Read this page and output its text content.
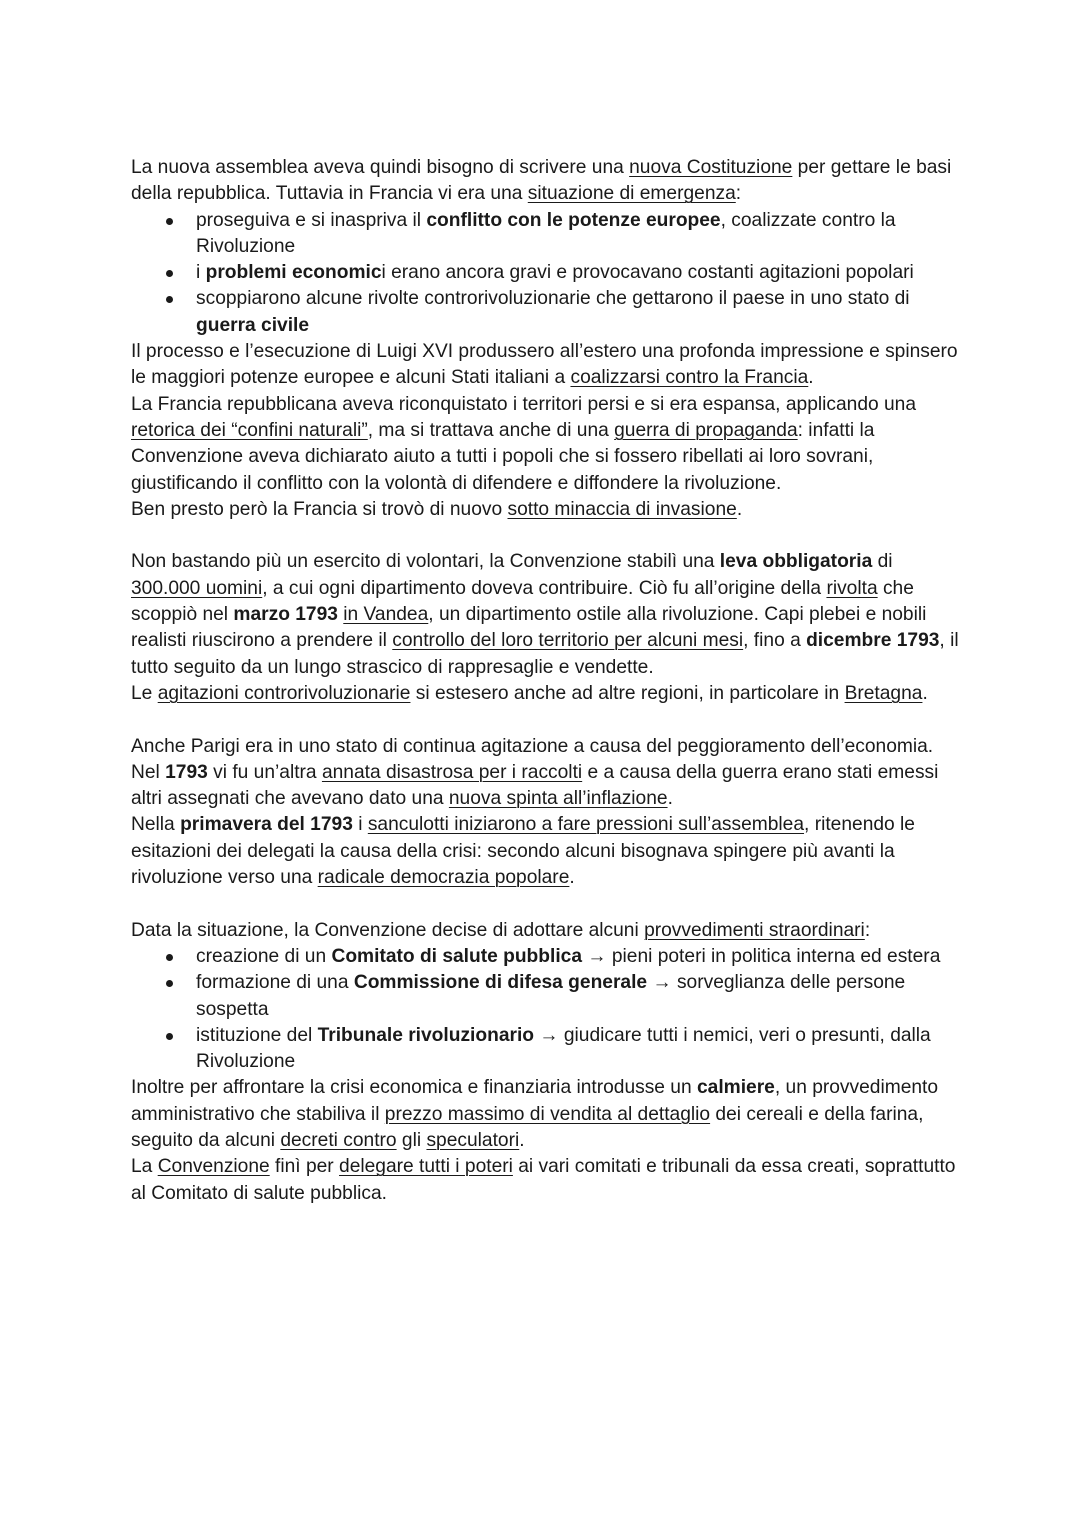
La nuova assemblea aveva quindi bisogno di scrivere una nuova Costituzione per gettare le basi della repubblica. Tuttavia in Francia vi era una situazione di emergenza:

proseguiva e si inaspriva il conflitto con le potenze europee, coalizzate contro la Rivoluzione
i problemi economici erano ancora gravi e provocavano costanti agitazioni popolari
scoppiarono alcune rivolte controrivoluzionarie che gettarono il paese in uno stato di guerra civile

Il processo e l’esecuzione di Luigi XVI produssero all’estero una profonda impressione e spinsero le maggiori potenze europee e alcuni Stati italiani a coalizzarsi contro la Francia.
La Francia repubblicana aveva riconquistato i territori persi e si era espansa, applicando una retorica dei “confini naturali”, ma si trattava anche di una guerra di propaganda: infatti la Convenzione aveva dichiarato aiuto a tutti i popoli che si fossero ribellati ai loro sovrani, giustificando il conflitto con la volontà di difendere e diffondere la rivoluzione.
Ben presto però la Francia si trovò di nuovo sotto minaccia di invasione.

Non bastando più un esercito di volontari, la Convenzione stabilì una leva obbligatoria di 300.000 uomini, a cui ogni dipartimento doveva contribuire. Ciò fu all’origine della rivolta che scoppiò nel marzo 1793 in Vandea, un dipartimento ostile alla rivoluzione. Capi plebei e nobili realisti riuscirono a prendere il controllo del loro territorio per alcuni mesi, fino a dicembre 1793, il tutto seguito da un lungo strascico di rappresaglie e vendette.
Le agitazioni controrivoluzionarie si estesero anche ad altre regioni, in particolare in Bretagna.

Anche Parigi era in uno stato di continua agitazione a causa del peggioramento dell’economia. Nel 1793 vi fu un’altra annata disastrosa per i raccolti e a causa della guerra erano stati emessi altri assegnati che avevano dato una nuova spinta all’inflazione.
Nella primavera del 1793 i sanculotti iniziarono a fare pressioni sull’assemblea, ritenendo le esitazioni dei delegati la causa della crisi: secondo alcuni bisognava spingere più avanti la rivoluzione verso una radicale democrazia popolare.

Data la situazione, la Convenzione decise di adottare alcuni provvedimenti straordinari:

creazione di un Comitato di salute pubblica → pieni poteri in politica interna ed estera
formazione di una Commissione di difesa generale → sorveglianza delle persone sospetta
istituzione del Tribunale rivoluzionario → giudicare tutti i nemici, veri o presunti, dalla Rivoluzione

Inoltre per affrontare la crisi economica e finanziaria introdusse un calmiere, un provvedimento amministrativo che stabiliva il prezzo massimo di vendita al dettaglio dei cereali e della farina, seguito da alcuni decreti contro gli speculatori.
La Convenzione finì per delegare tutti i poteri ai vari comitati e tribunali da essa creati, soprattutto al Comitato di salute pubblica.
